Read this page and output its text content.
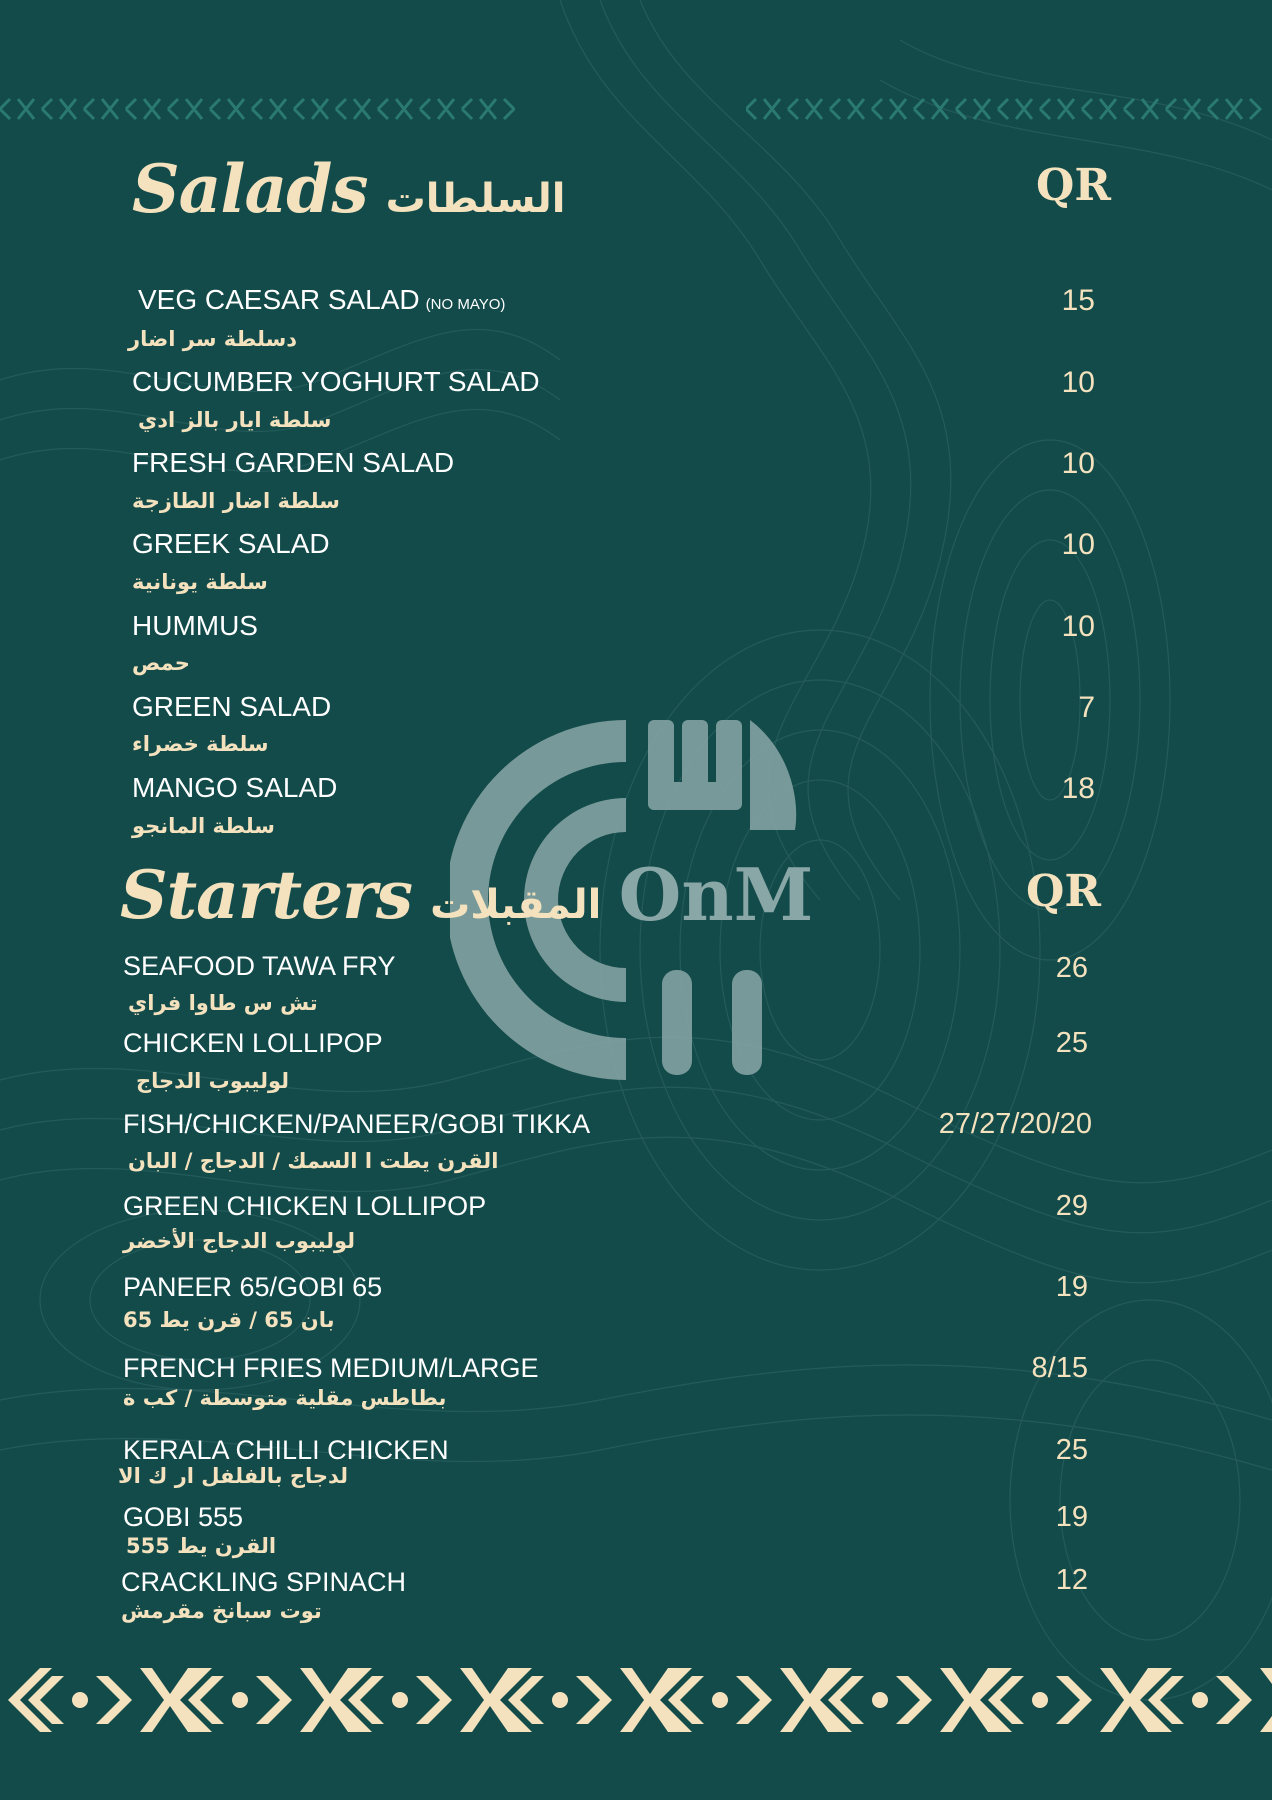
OnM
Salads السلطات	QR
VEG CAESAR SALAD (NO MAYO)
دسلطة سر اضار
15
CUCUMBER YOGHURT SALAD
سلطة ايار بالز ادي
10
FRESH GARDEN SALAD
سلطة اضار الطازجة
10
GREEK SALAD
سلطة يونانية
10
HUMMUS
حمص
10
GREEN SALAD
سلطة خضراء
7
MANGO SALAD
سلطة المانجو
18
Starters المقبلات	QR
SEAFOOD TAWA FRY
تش س طاوا فراي
26
CHICKEN LOLLIPOP
لوليبوب الدجاج
25
FISH/CHICKEN/PANEER/GOBI TIKKA
القرن يطت ا السمك / الدجاج / البان
27/27/20/20
GREEN CHICKEN LOLLIPOP
لوليبوب الدجاج الأخضر
29
PANEER 65/GOBI 65
65 بان 65 / قرن يط
19
FRENCH FRIES MEDIUM/LARGE
بطاطس مقلية متوسطة / كب ة
8/15
KERALA CHILLI CHICKEN
لدجاج بالفلفل ار ك الا
25
GOBI 555
555 القرن يط
19
CRACKLING SPINACH
توت سبانخ مقرمش
12
